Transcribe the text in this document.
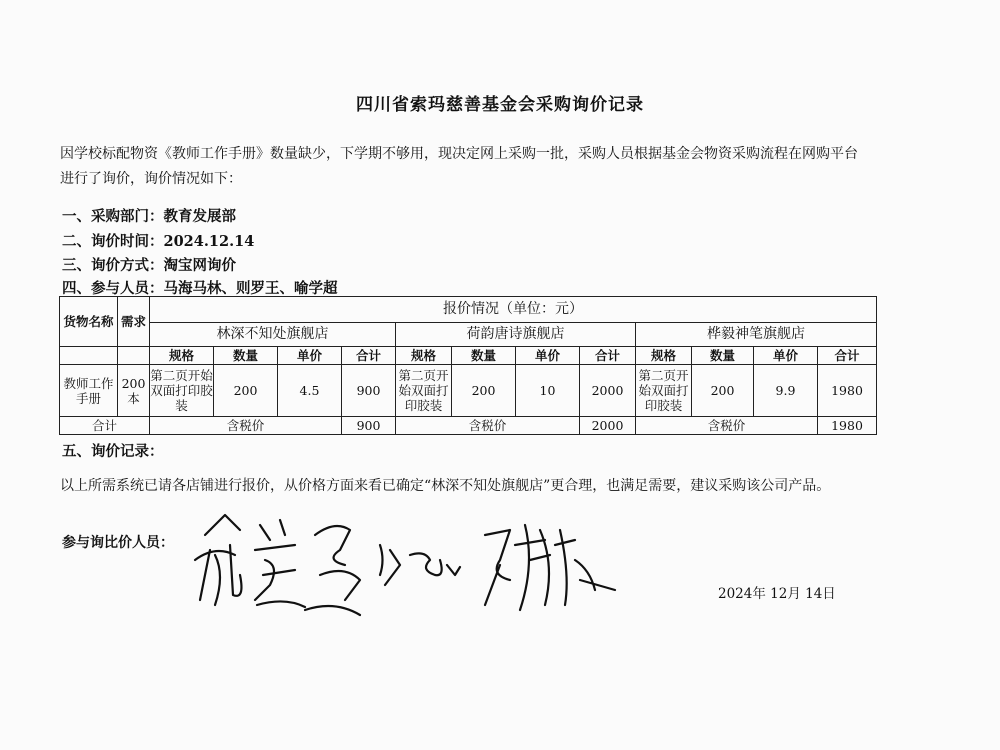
四川省索玛慈善基金会采购询价记录
因学校标配物资《教师工作手册》数量缺少，下学期不够用，现决定网上采购一批，采购人员根据基金会物资采购流程在网购平台进行了询价，询价情况如下：
一、采购部门：教育发展部
二、询价时间：2024.12.14
三、询价方式：淘宝网询价
四、参与人员：马海马林、则罗王、喻学超
货物名称	需求	报价情况（单位：元）											
		林深不知处旗舰店				荷韵唐诗旗舰店				桦毅神笔旗舰店			
		规格	数量	单价	合计	规格	数量	单价	合计	规格	数量	单价	合计
教师工作手册	200本	第二页开始双面打印胶装	200	4.5	900	第二页开始双面打印胶装	200	10	2000	第二页开始双面打印胶装	200	9.9	1980
合计		含税价			900	含税价			2000	含税价			1980
五、询价记录：
以上所需系统已请各店铺进行报价，从价格方面来看已确定“林深不知处旗舰店”更合理，也满足需要，建议采购该公司产品。
参与询比价人员：
2024年 12月 14日
